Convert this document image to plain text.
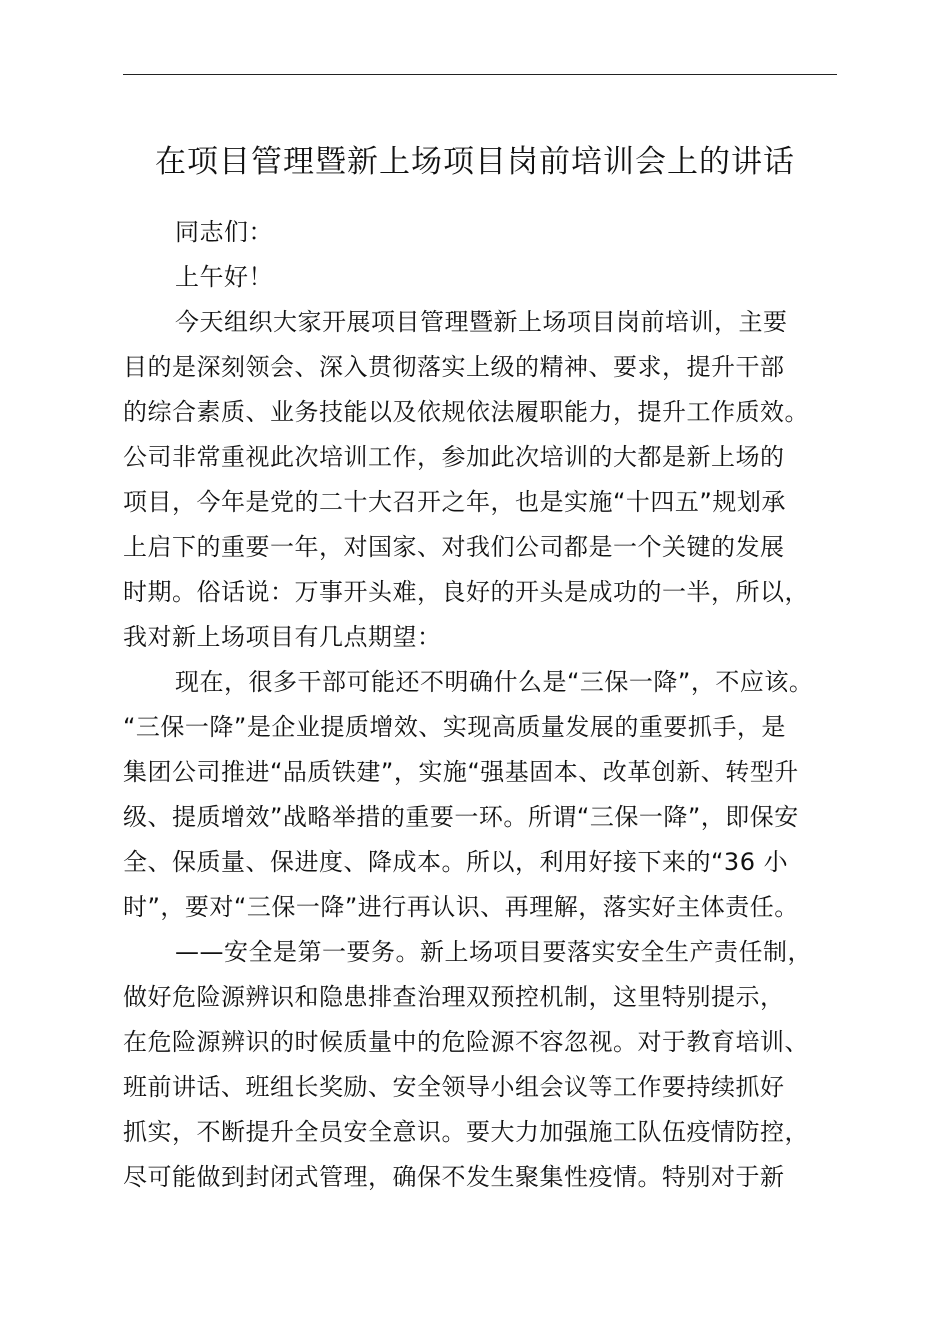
在项目管理暨新上场项目岗前培训会上的讲话
同志们：
上午好！
今天组织大家开展项目管理暨新上场项目岗前培训，主要
目的是深刻领会、深入贯彻落实上级的精神、要求，提升干部
的综合素质、业务技能以及依规依法履职能力，提升工作质效。
公司非常重视此次培训工作，参加此次培训的大都是新上场的
项目，今年是党的二十大召开之年，也是实施“十四五”规划承
上启下的重要一年，对国家、对我们公司都是一个关键的发展
时期。俗话说：万事开头难，良好的开头是成功的一半，所以，
我对新上场项目有几点期望：
现在，很多干部可能还不明确什么是“三保一降”，不应该。
“三保一降”是企业提质增效、实现高质量发展的重要抓手，是
集团公司推进“品质铁建”，实施“强基固本、改革创新、转型升
级、提质增效”战略举措的重要一环。所谓“三保一降”，即保安
全、保质量、保进度、降成本。所以，利用好接下来的“36 小
时”，要对“三保一降”进行再认识、再理解，落实好主体责任。
——安全是第一要务。新上场项目要落实安全生产责任制，
做好危险源辨识和隐患排查治理双预控机制，这里特别提示，
在危险源辨识的时候质量中的危险源不容忽视。对于教育培训、
班前讲话、班组长奖励、安全领导小组会议等工作要持续抓好
抓实，不断提升全员安全意识。要大力加强施工队伍疫情防控，
尽可能做到封闭式管理，确保不发生聚集性疫情。特别对于新
